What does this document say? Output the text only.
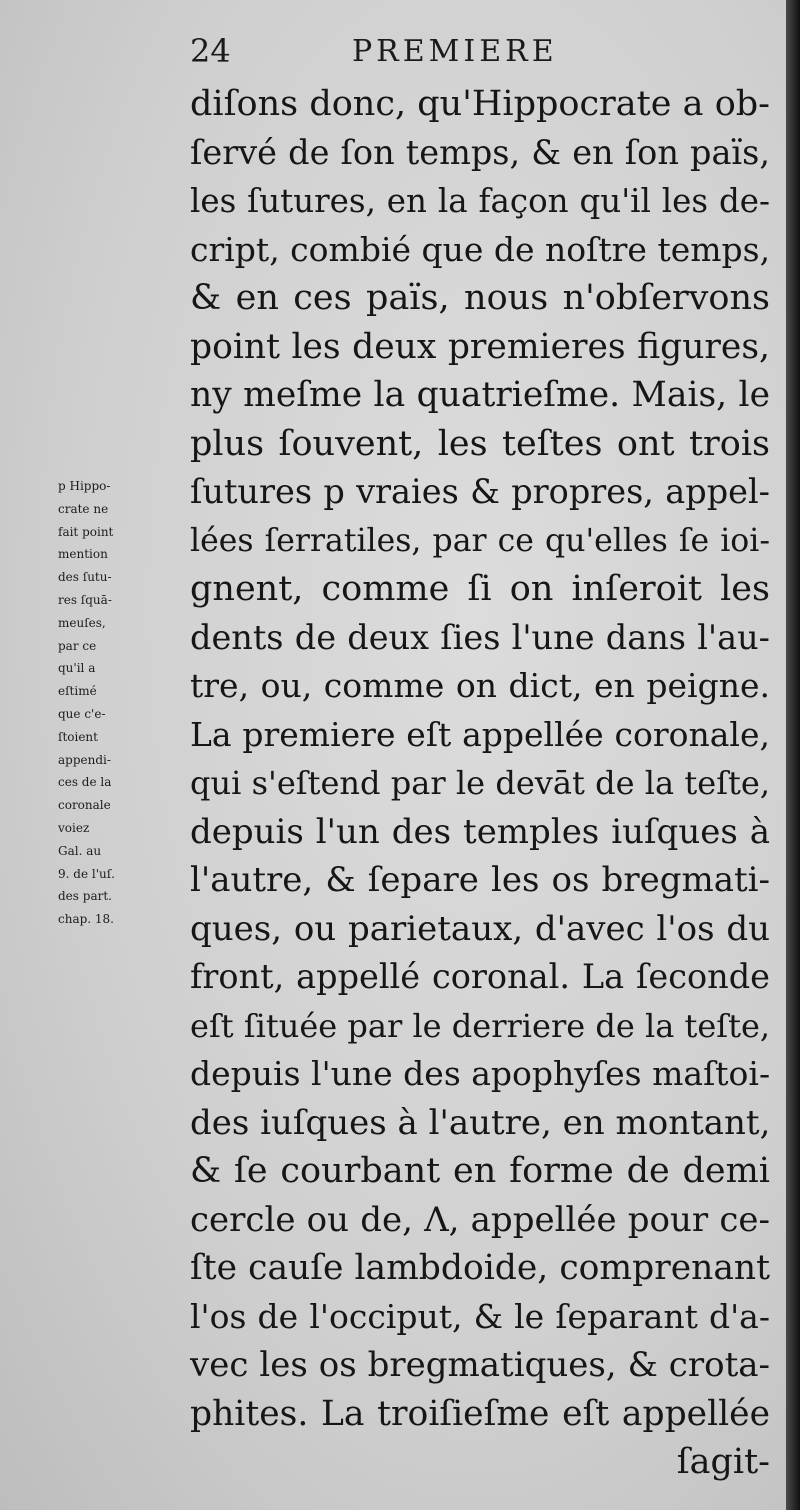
24	PREMIERE
diſons donc, qu'Hippocrate a ob-
ſervé de ſon temps, & en ſon païs,
les ſutures, en la façon qu'il les de-
cript, combié que de noſtre temps,
& en ces païs, nous n'obſervons
point les deux premieres figures,
ny meſme la quatrieſme. Mais, le
plus ſouvent, les teſtes ont trois
ſutures p vraies & propres, appel-
lées ſerratiles, par ce qu'elles ſe ioi-
gnent, comme ſi on inſeroit les
dents de deux ſies l'une dans l'au-
tre, ou, comme on dict, en peigne.
La premiere eſt appellée coronale,
qui s'eſtend par le devāt de la teſte,
depuis l'un des temples iuſques à
l'autre, & ſepare les os bregmati-
ques, ou parietaux, d'avec l'os du
front, appellé coronal. La ſeconde
eſt ſituée par le derriere de la teſte,
depuis l'une des apophyſes maſtoi-
des iuſques à l'autre, en montant,
& ſe courbant en forme de demi
cercle ou de, Λ, appellée pour ce-
ſte cauſe lambdoide, comprenant
l'os de l'occiput, & le ſeparant d'a-
vec les os bregmatiques, & crota-
phites. La troiſieſme eſt appellée
ſagit-
p Hippo-
crate ne
fait point
mention
des ſutu-
res ſquā-
meuſes,
par ce
qu'il a
eſtimé
que c'e-
ſtoient
appendi-
ces de la
coronale
voiez
Gal. au
9. de l'uſ.
des part.
chap. 18.
